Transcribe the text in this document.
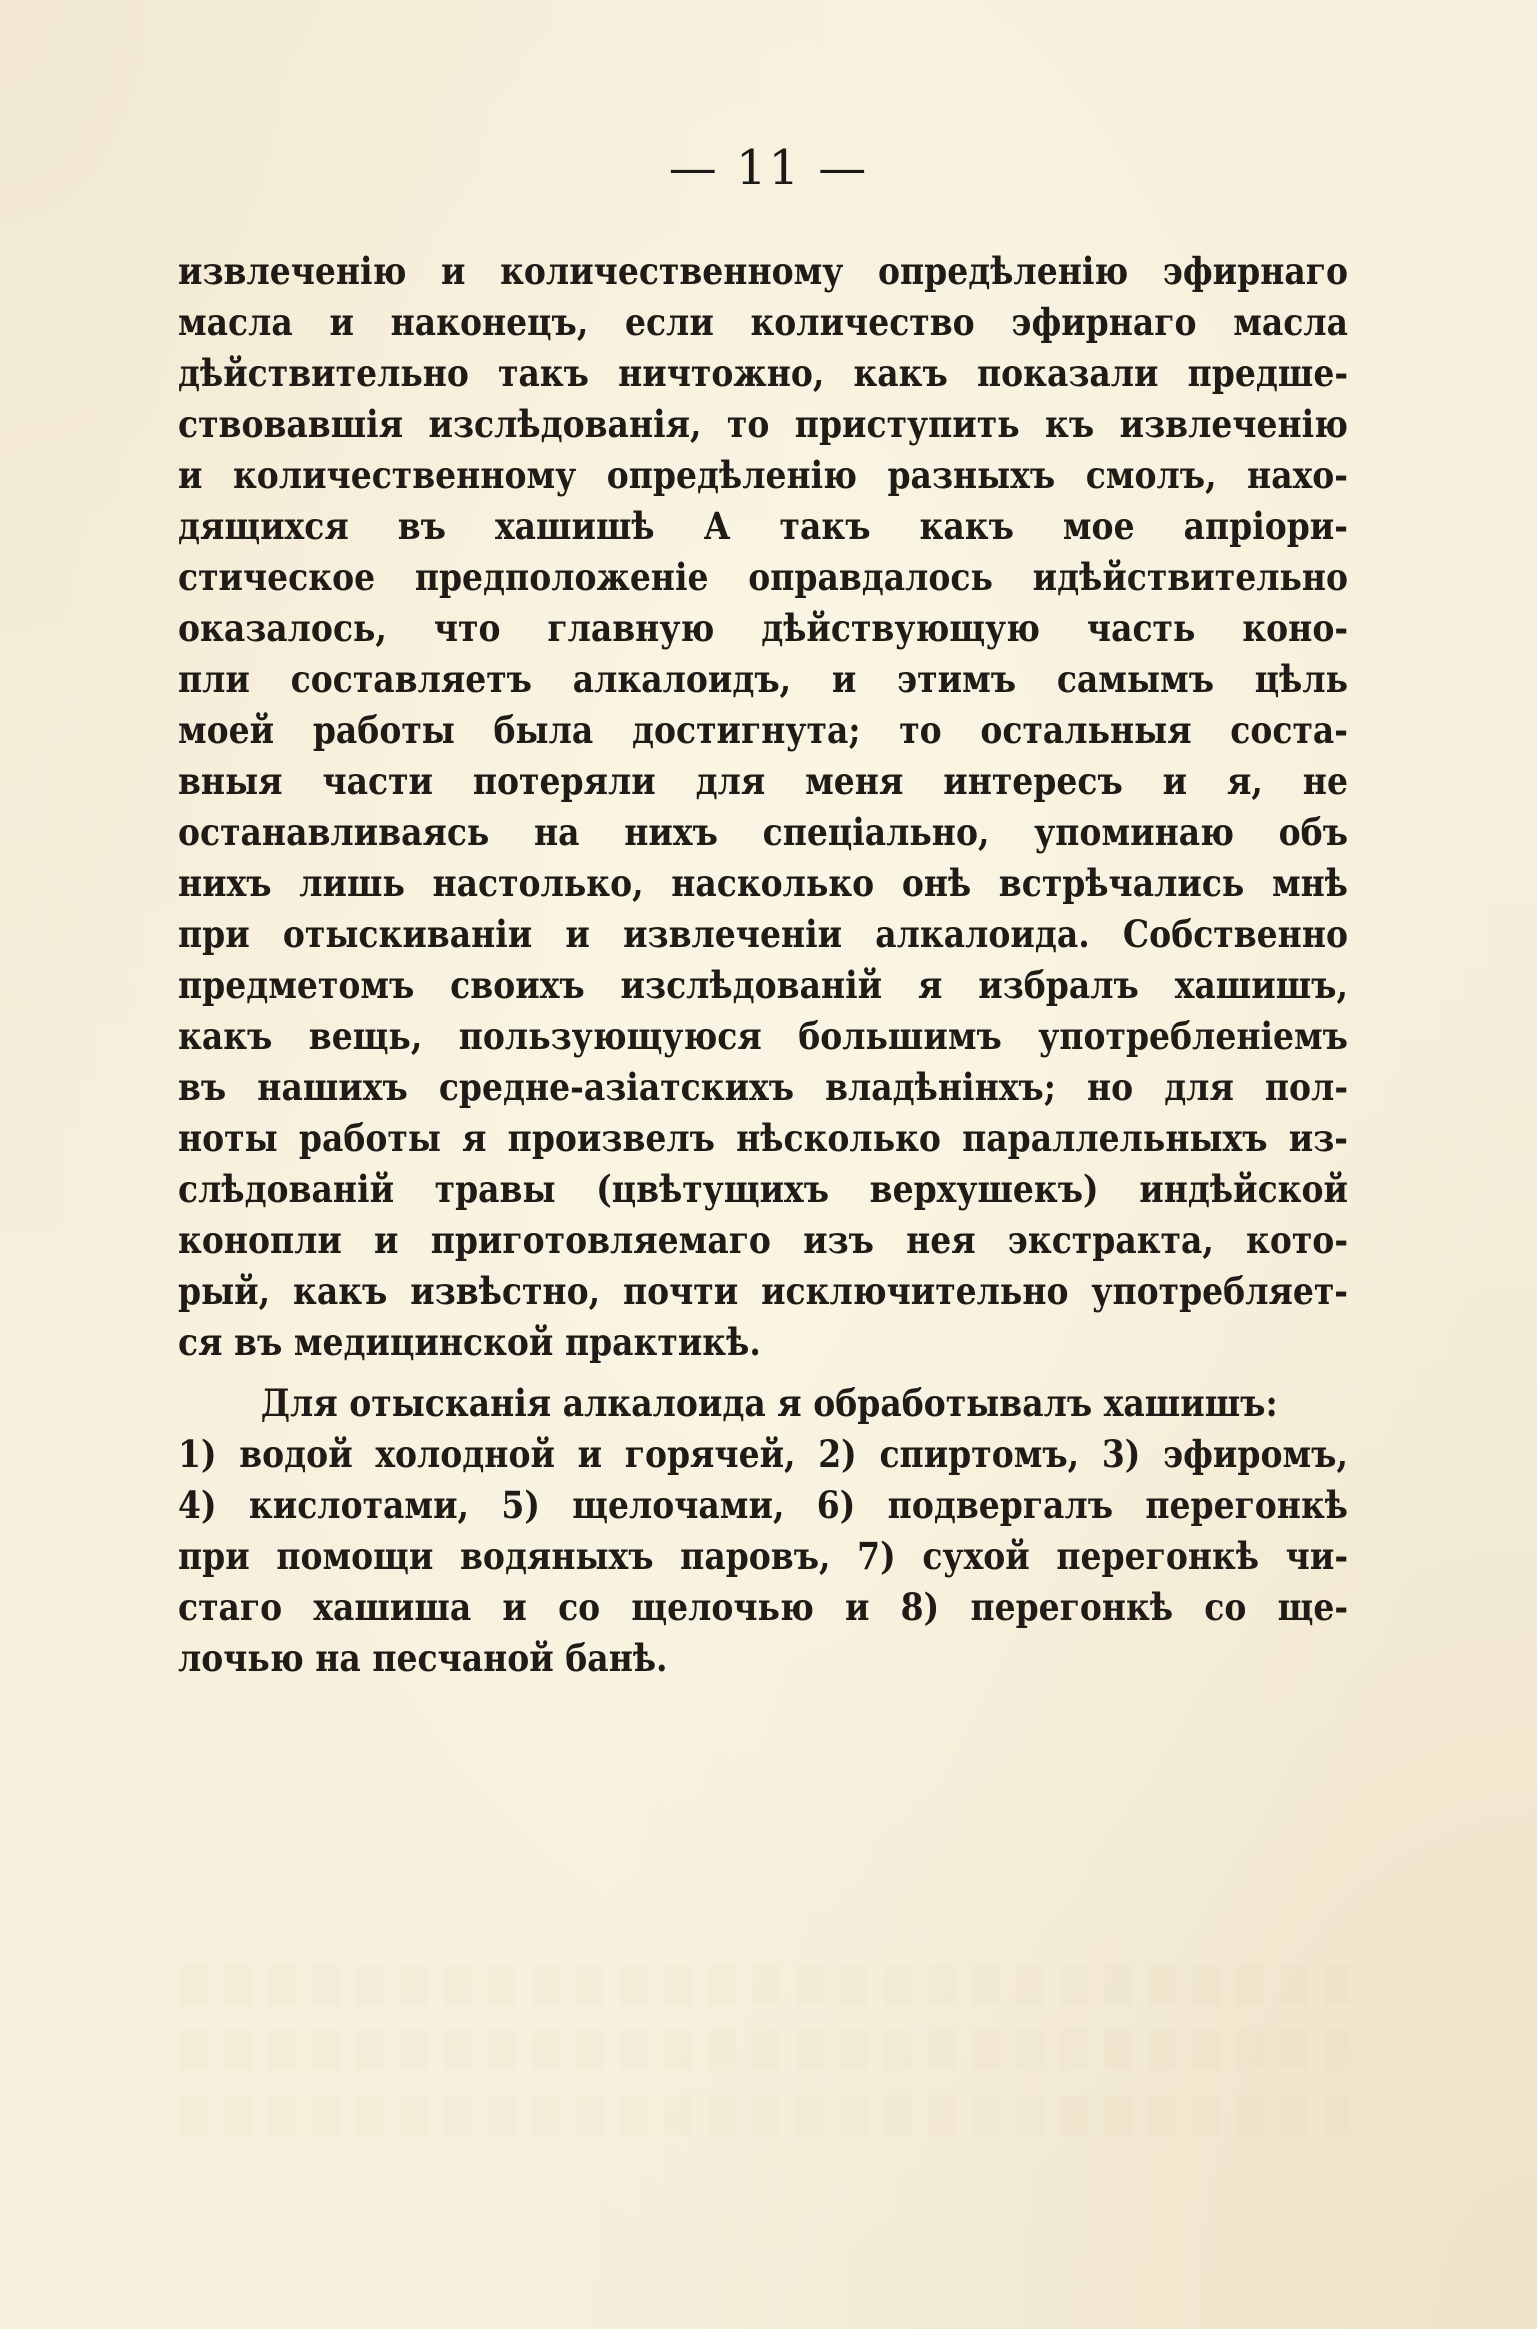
— 11 —
извлеченію и количественному опредѣленію эфирнаго
масла и наконецъ, если количество эфирнаго масла
дѣйствительно такъ ничтожно, какъ показали предше-
ствовавшія изслѣдованія, то приступить къ извлеченію
и количественному опредѣленію разныхъ смолъ, нахо-
дящихся въ хашишѣ А такъ какъ мое апріори-
стическое предположеніе оправдалось идѣйствительно
оказалось, что главную дѣйствующую часть коно-
пли составляетъ алкалоидъ, и этимъ самымъ цѣль
моей работы была достигнута; то остальныя соста-
вныя части потеряли для меня интересъ и я, не
останавливаясь на нихъ спеціально, упоминаю объ
нихъ лишь настолько, насколько онѣ встрѣчались мнѣ
при отыскиваніи и извлеченіи алкалоида. Собственно
предметомъ своихъ изслѣдованій я избралъ хашишъ,
какъ вещь, пользующуюся большимъ употребленіемъ
въ нашихъ средне-азіатскихъ владѣнінхъ; но для пол-
ноты работы я произвелъ нѣсколько параллельныхъ из-
слѣдованій травы (цвѣтущихъ верхушекъ) индѣйской
конопли и приготовляемаго изъ нея экстракта, кото-
рый, какъ извѣстно, почти исключительно употребляет-
ся въ медицинской практикѣ.
Для отысканія алкалоида я обработывалъ хашишъ:
1) водой холодной и горячей, 2) спиртомъ, 3) эфиромъ,
4) кислотами, 5) щелочами, 6) подвергалъ перегонкѣ
при помощи водяныхъ паровъ, 7) сухой перегонкѣ чи-
стаго хашиша и со щелочью и 8) перегонкѣ со ще-
лочью на песчаной банѣ.
